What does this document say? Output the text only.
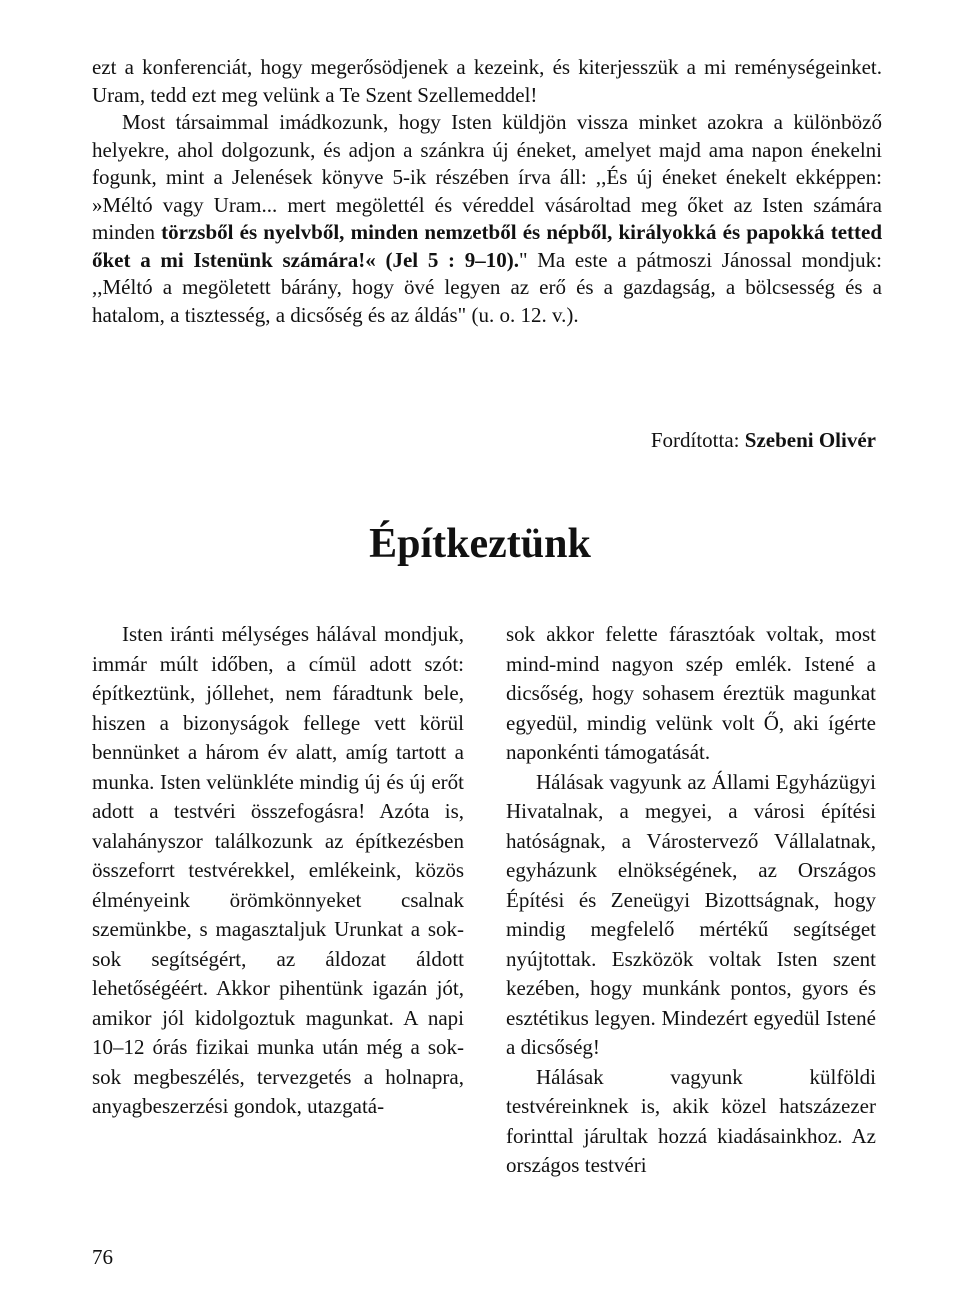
ezt a konferenciát, hogy megerősödjenek a kezeink, és kiterjesszük a mi reménységeinket. Uram, tedd ezt meg velünk a Te Szent Szellemeddel!

Most társaimmal imádkozunk, hogy Isten küldjön vissza minket azokra a különböző helyekre, ahol dolgozunk, és adjon a szánkra új éneket, amelyet majd ama napon énekelni fogunk, mint a Jelenések könyve 5-ik részében írva áll: ,,És új éneket énekelt ekképpen: »Méltó vagy Uram... mert megölettél és véreddel vásároltad meg őket az Isten számára minden törzsből és nyelvből, minden nemzetből és népből, királyokká és papokká tetted őket a mi Istenünk számára!« (Jel 5 : 9–10)." Ma este a pátmoszi Jánossal mondjuk: ,,Méltó a megöletett bárány, hogy övé legyen az erő és a gazdagság, a bölcsesség és a hatalom, a tisztesség, a dicsőség és az áldás" (u. o. 12. v.).

Fordította: Szebeni Olivér
Építkeztünk

Isten iránti mélységes hálával mondjuk, immár múlt időben, a címül adott szót: építkeztünk, jóllehet, nem fáradtunk bele, hiszen a bizonyságok fellege vett körül bennünket a három év alatt, amíg tartott a munka. Isten velünkléte mindig új és új erőt adott a testvéri összefogásra! Azóta is, valahányszor találkozunk az építkezésben összeforrt testvérekkel, emlékeink, közös élményeink örömkönnyeket csalnak szemünkbe, s magasztaljuk Urunkat a sok-sok segítségért, az áldozat áldott lehetőségéért. Akkor pihentünk igazán jót, amikor jól kidolgoztuk magunkat. A napi 10–12 órás fizikai munka után még a sok-sok megbeszélés, tervezgetés a holnapra, anyagbeszerzési gondok, utazgatá-

sok akkor felette fárasztóak voltak, most mind-mind nagyon szép emlék. Istené a dicsőség, hogy sohasem éreztük magunkat egyedül, mindig velünk volt Ő, aki ígérte naponkénti támogatását.

Hálásak vagyunk az Állami Egyházügyi Hivatalnak, a megyei, a városi építési hatóságnak, a Várostervező Vállalatnak, egyházunk elnökségének, az Országos Építési és Zeneügyi Bizottságnak, hogy mindig megfelelő mértékű segítséget nyújtottak. Eszközök voltak Isten szent kezében, hogy munkánk pontos, gyors és esztétikus legyen. Mindezért egyedül Istené a dicsőség!

Hálásak vagyunk külföldi testvéreinknek is, akik közel hatszázezer forinttal járultak hozzá kiadásainkhoz. Az országos testvéri

76
